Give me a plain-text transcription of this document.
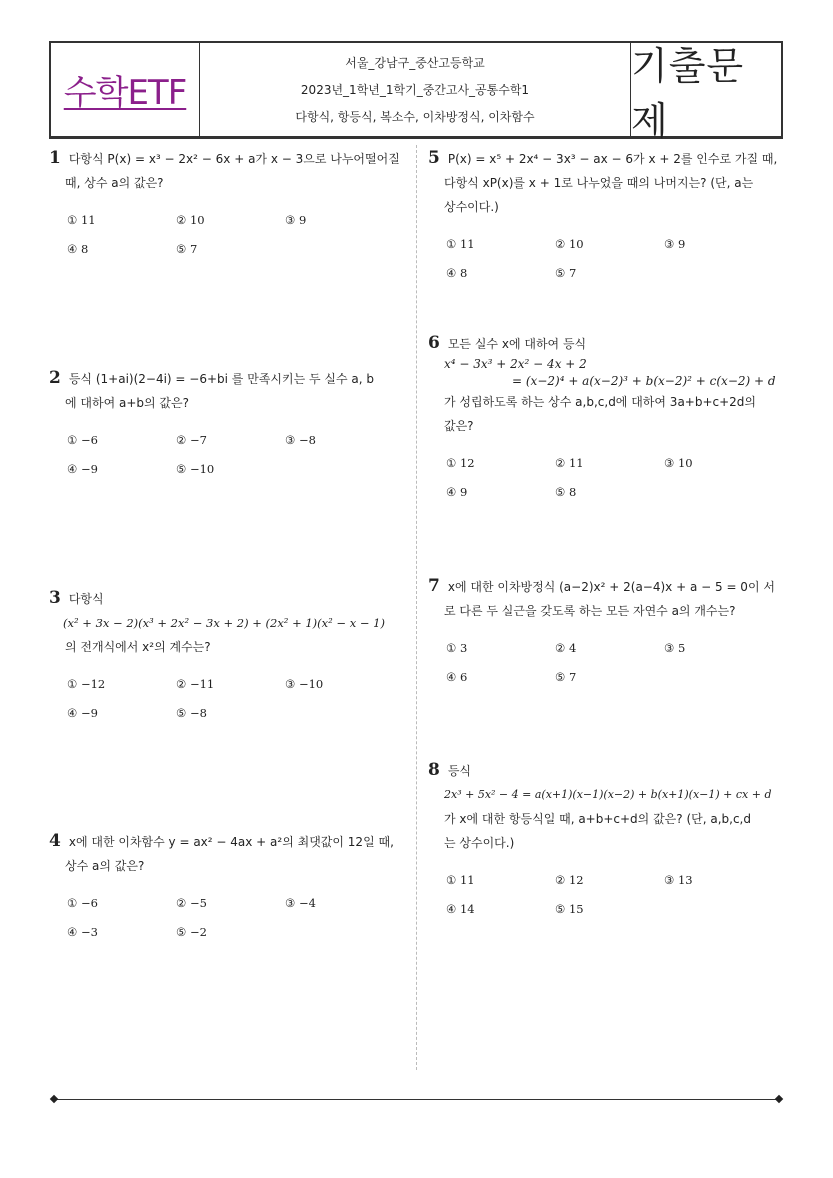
수학ETF
서울_강남구_중산고등학교
2023년_1학년_1학기_중간고사_공통수학1
다항식, 항등식, 복소수, 이차방정식, 이차함수
기출문제
1 다항식 P(x) = x³ − 2x² − 6x + a가 x − 3으로 나누어떨어질
때, 상수 a의 값은?
① 11	② 10	③ 9
④ 8	⑤ 7
2 등식 (1+ai)(2−4i) = −6+bi 를 만족시키는 두 실수 a, b
에 대하여 a+b의 값은?
① −6	② −7	③ −8
④ −9	⑤ −10
3 다항식
(x² + 3x − 2)(x³ + 2x² − 3x + 2) + (2x² + 1)(x² − x − 1)
의 전개식에서 x²의 계수는?
① −12	② −11	③ −10
④ −9	⑤ −8
4 x에 대한 이차함수 y = ax² − 4ax + a²의 최댓값이 12일 때,
상수 a의 값은?
① −6	② −5	③ −4
④ −3	⑤ −2
5 P(x) = x⁵ + 2x⁴ − 3x³ − ax − 6가 x + 2를 인수로 가질 때,
다항식 xP(x)를 x + 1로 나누었을 때의 나머지는? (단, a는
상수이다.)
① 11	② 10	③ 9
④ 8	⑤ 7
6 모든 실수 x에 대하여 등식
x⁴ − 3x³ + 2x² − 4x + 2
= (x−2)⁴ + a(x−2)³ + b(x−2)² + c(x−2) + d
가 성립하도록 하는 상수 a,b,c,d에 대하여 3a+b+c+2d의
값은?
① 12	② 11	③ 10
④ 9	⑤ 8
7 x에 대한 이차방정식 (a−2)x² + 2(a−4)x + a − 5 = 0이 서
로 다른 두 실근을 갖도록 하는 모든 자연수 a의 개수는?
① 3	② 4	③ 5
④ 6	⑤ 7
8 등식
2x³ + 5x² − 4 = a(x+1)(x−1)(x−2) + b(x+1)(x−1) + cx + d
가 x에 대한 항등식일 때, a+b+c+d의 값은? (단, a,b,c,d
는 상수이다.)
① 11	② 12	③ 13
④ 14	⑤ 15
